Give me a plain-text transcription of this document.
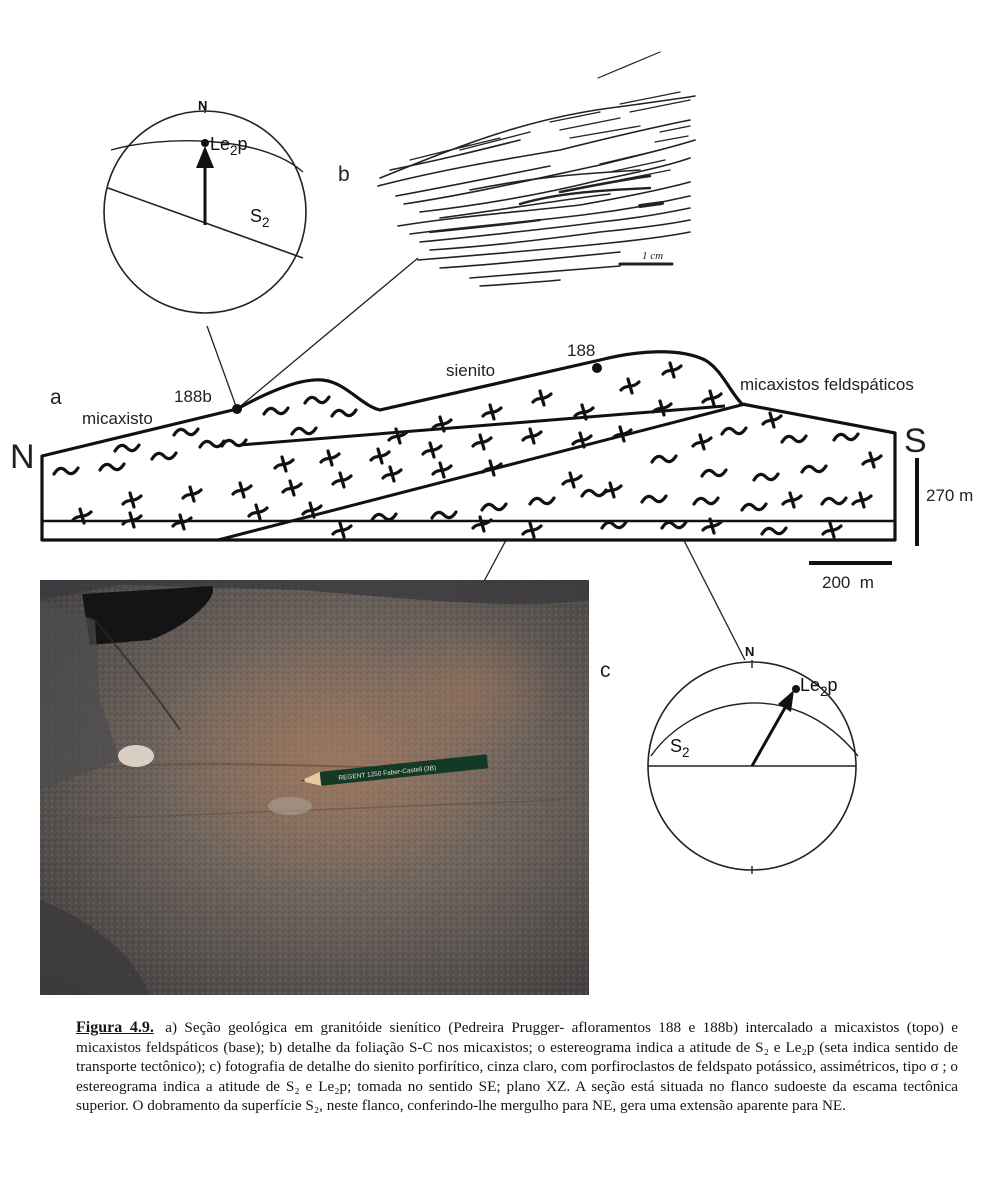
1 cm
b
N
$Le_2p$
$S_2$
a
micaxisto
188b
sienito
188
micaxistos feldspáticos
N	S
270 m
200  m
REGENT 1250 Faber-Castell (3B)
c
N
$Le_2p$
$S_2$
Figura 4.9. a) Seção geológica em granitóide sienítico (Pedreira Prugger- afloramentos 188 e 188b) intercalado a micaxistos (topo) e micaxistos feldspáticos (base); b) detalhe da foliação S-C nos micaxistos; o estereograma indica a atitude de S₂ e Le₂p (seta indica sentido de transporte tectônico); c) fotografia de detalhe do sienito porfirítico, cinza claro, com porfiroclastos de feldspato potássico, assimétricos, tipo σ ; o estereograma indica a atitude de S₂ e Le₂p; tomada no sentido SE; plano XZ. A seção está situada no flanco sudoeste da escama tectônica superior. O dobramento da superfície S₂, neste flanco, conferindo-lhe mergulho para NE, gera uma extensão aparente para NE.
